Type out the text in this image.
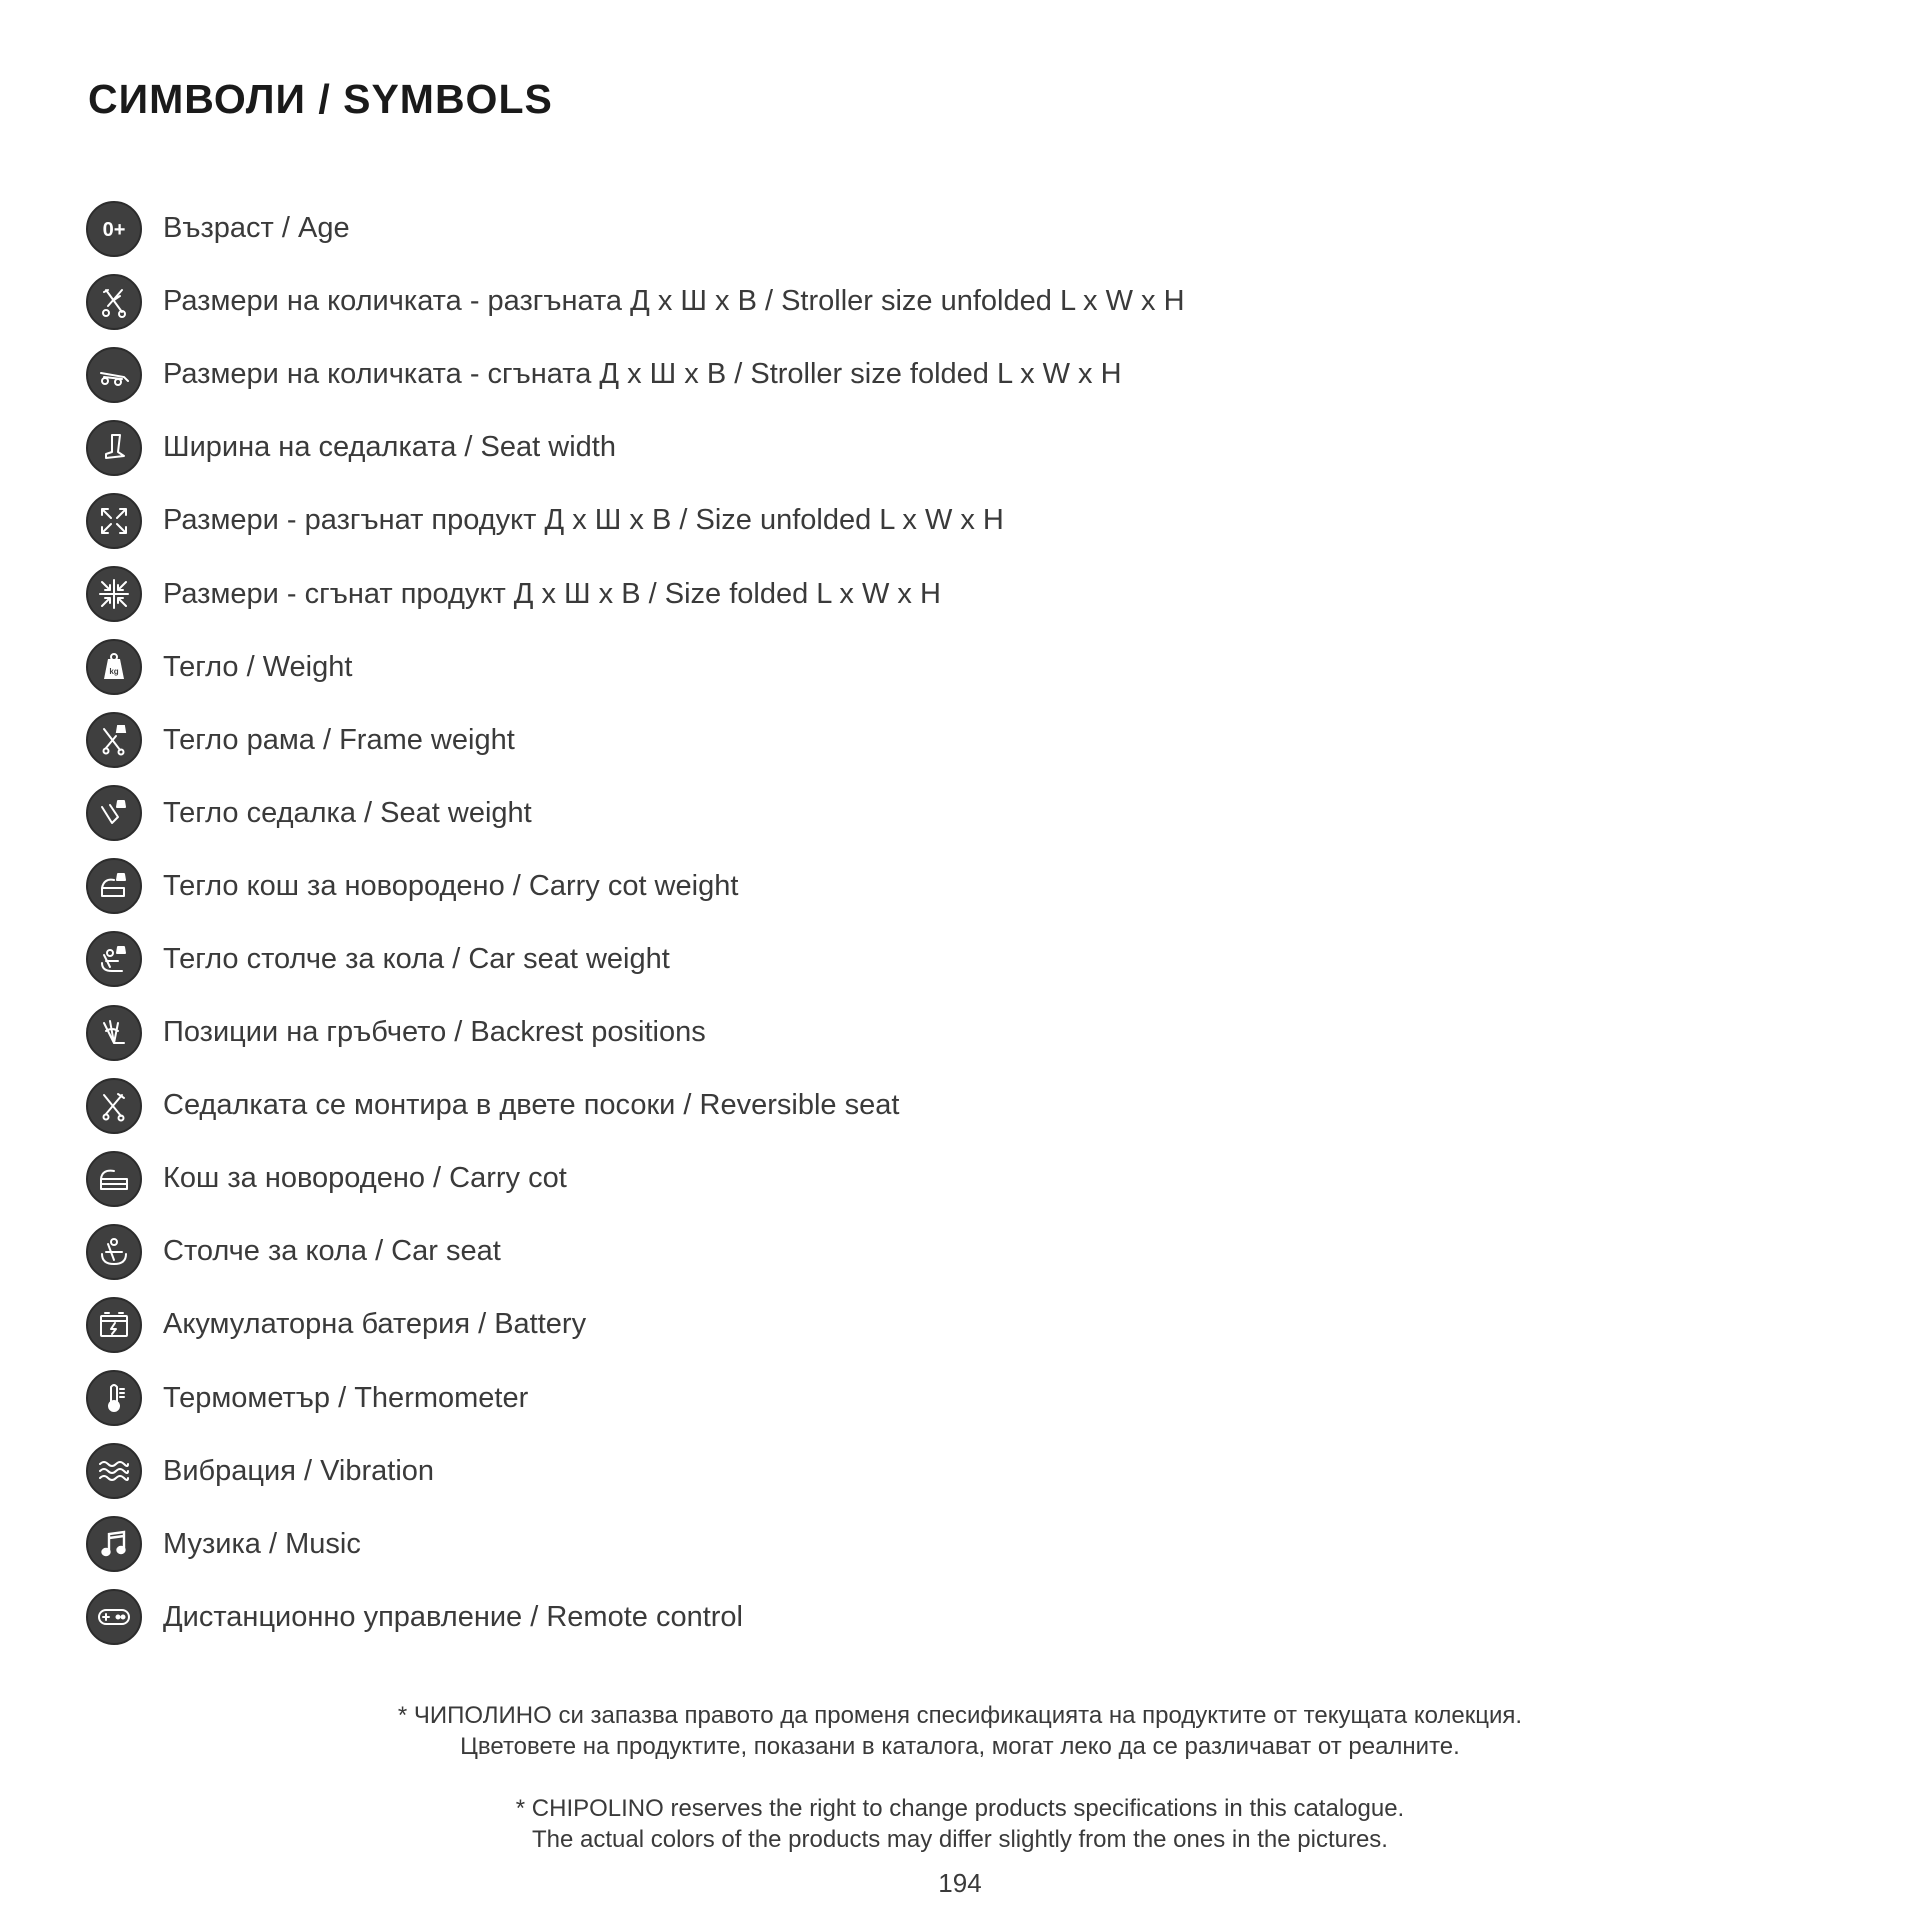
СИМВОЛИ / SYMBOLS
0+ Възраст / Age
Размери на количката - разгъната Д x Ш x В / Stroller size unfolded L x W x H
Размери на количката - сгъната Д x Ш x В / Stroller size folded L x W x H
Ширина на седалката / Seat width
Размери - разгънат продукт Д x Ш x В / Size unfolded L x W x H
Размери - сгънат продукт Д x Ш x В / Size folded L x W x H
kg Тегло / Weight
Тегло рама / Frame weight
Тегло седалка / Seat weight
Тегло кош за новородено / Carry cot weight
Тегло столче за кола / Car seat weight
Позиции на гръбчето / Backrest positions
Седалката се монтира в двете посоки / Reversible seat
Кош за новородено / Carry cot
Столче за кола / Car seat
Акумулаторна батерия / Battery
Термометър / Thermometer
Вибрация / Vibration
Музика / Music
Дистанционно управление / Remote control

* ЧИПОЛИНО си запазва правото да променя спесификацията на продуктите от текущата колекция.
Цветовете на продуктите, показани в каталога, могат леко да се различават от реалните.

* CHIPOLINO reserves the right to change products specifications in this catalogue.
The actual colors of the products may differ slightly from the ones in the pictures.

194
